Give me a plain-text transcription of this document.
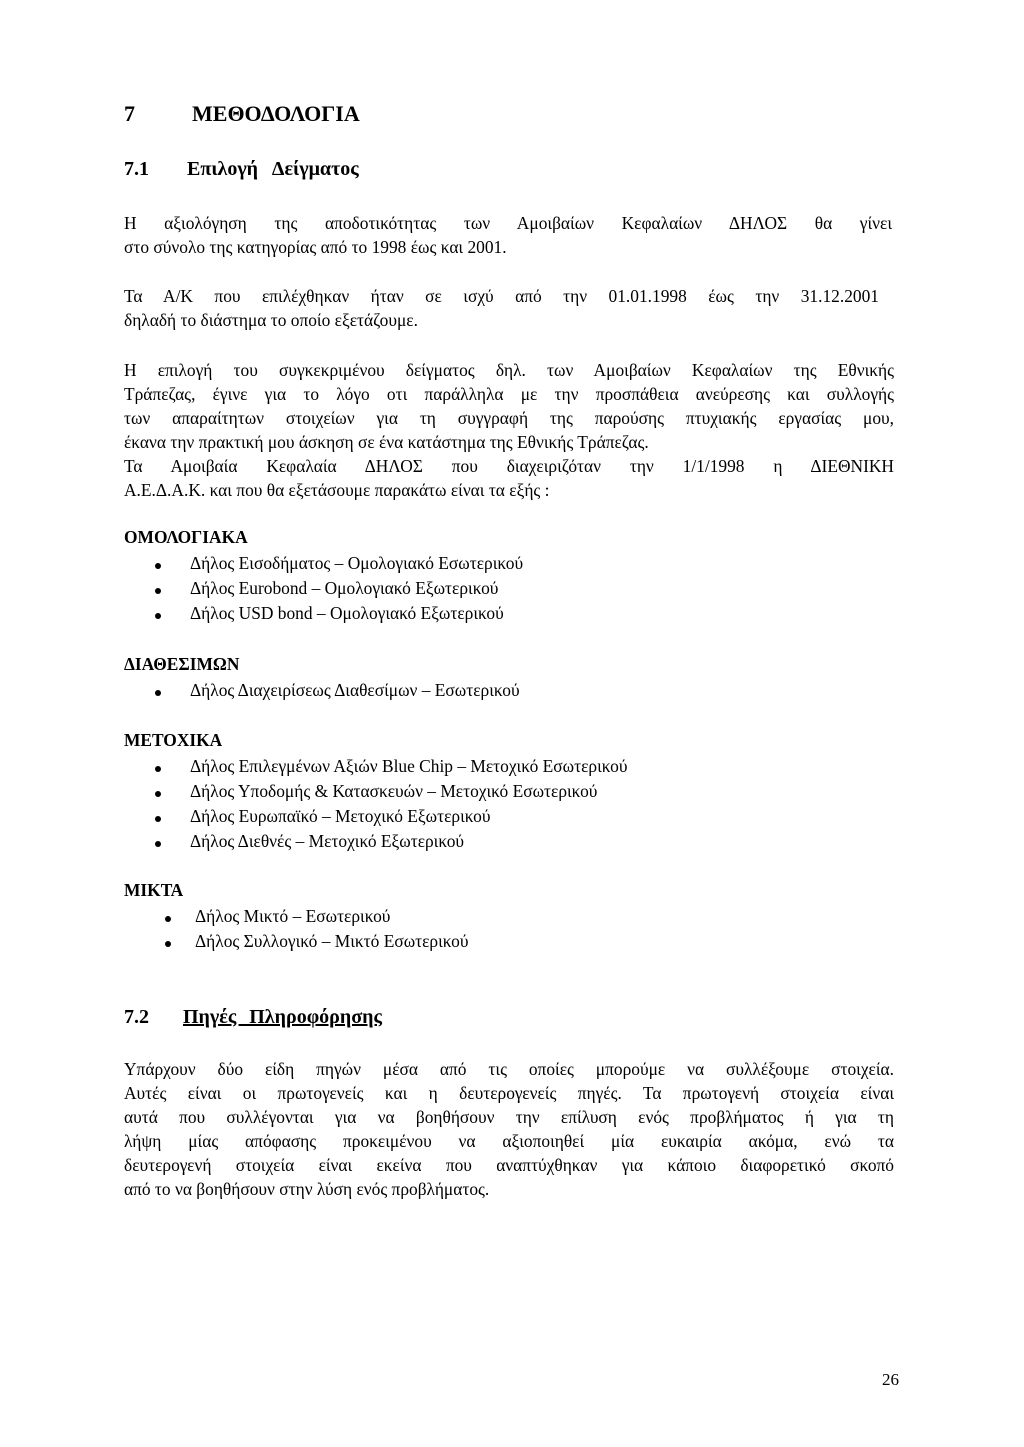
7	ΜΕΘΟΔΟΛΟΓΙΑ
7.1 Επιλογή Δείγματος
Η αξιολόγηση της αποδοτικότητας των Αμοιβαίων Κεφαλαίων ΔΗΛΟΣ θα γίνει
στο σύνολο της κατηγορίας από το 1998 έως και 2001.
Τα Α/Κ που επιλέχθηκαν ήταν σε ισχύ από την 01.01.1998 έως την 31.12.2001
δηλαδή το διάστημα το οποίο εξετάζουμε.
Η επιλογή του συγκεκριμένου δείγματος δηλ. των Αμοιβαίων Κεφαλαίων της Εθνικής
Τράπεζας, έγινε για το λόγο οτι παράλληλα με την προσπάθεια ανεύρεσης και συλλογής
των απαραίτητων στοιχείων για τη συγγραφή της παρούσης πτυχιακής εργασίας μου,
έκανα την πρακτική μου άσκηση σε ένα κατάστημα της Εθνικής Τράπεζας.
Τα Αμοιβαία Κεφαλαία ΔΗΛΟΣ που διαχειριζόταν την 1/1/1998 η ΔΙΕΘΝΙΚΗ
Α.Ε.Δ.Α.Κ. και που θα εξετάσουμε παρακάτω είναι τα εξής :
ΟΜΟΛΟΓΙΑΚΑ
Δήλος Εισοδήματος – Ομολογιακό Εσωτερικού
Δήλος Eurobond – Ομολογιακό Εξωτερικού
Δήλος USD bond – Ομολογιακό Εξωτερικού
ΔΙΑΘΕΣΙΜΩΝ
Δήλος Διαχειρίσεως Διαθεσίμων – Εσωτερικού
ΜΕΤΟΧΙΚΑ
Δήλος Επιλεγμένων Αξιών Blue Chip – Μετοχικό Εσωτερικού
Δήλος Υποδομής & Κατασκευών – Μετοχικό Εσωτερικού
Δήλος Ευρωπαϊκό – Μετοχικό Εξωτερικού
Δήλος Διεθνές – Μετοχικό Εξωτερικού
ΜΙΚΤΑ
Δήλος Μικτό – Εσωτερικού
Δήλος Συλλογικό – Μικτό Εσωτερικού
7.2 Πηγές Πληροφόρησης
Υπάρχουν δύο είδη πηγών μέσα από τις οποίες μπορούμε να συλλέξουμε στοιχεία.
Αυτές είναι οι πρωτογενείς και η δευτερογενείς πηγές. Τα πρωτογενή στοιχεία είναι
αυτά που συλλέγονται για να βοηθήσουν την επίλυση ενός προβλήματος ή για τη
λήψη μίας απόφασης προκειμένου να αξιοποιηθεί μία ευκαιρία ακόμα, ενώ τα
δευτερογενή στοιχεία είναι εκείνα που αναπτύχθηκαν για κάποιο διαφορετικό σκοπό
από το να βοηθήσουν στην λύση ενός προβλήματος.
26
